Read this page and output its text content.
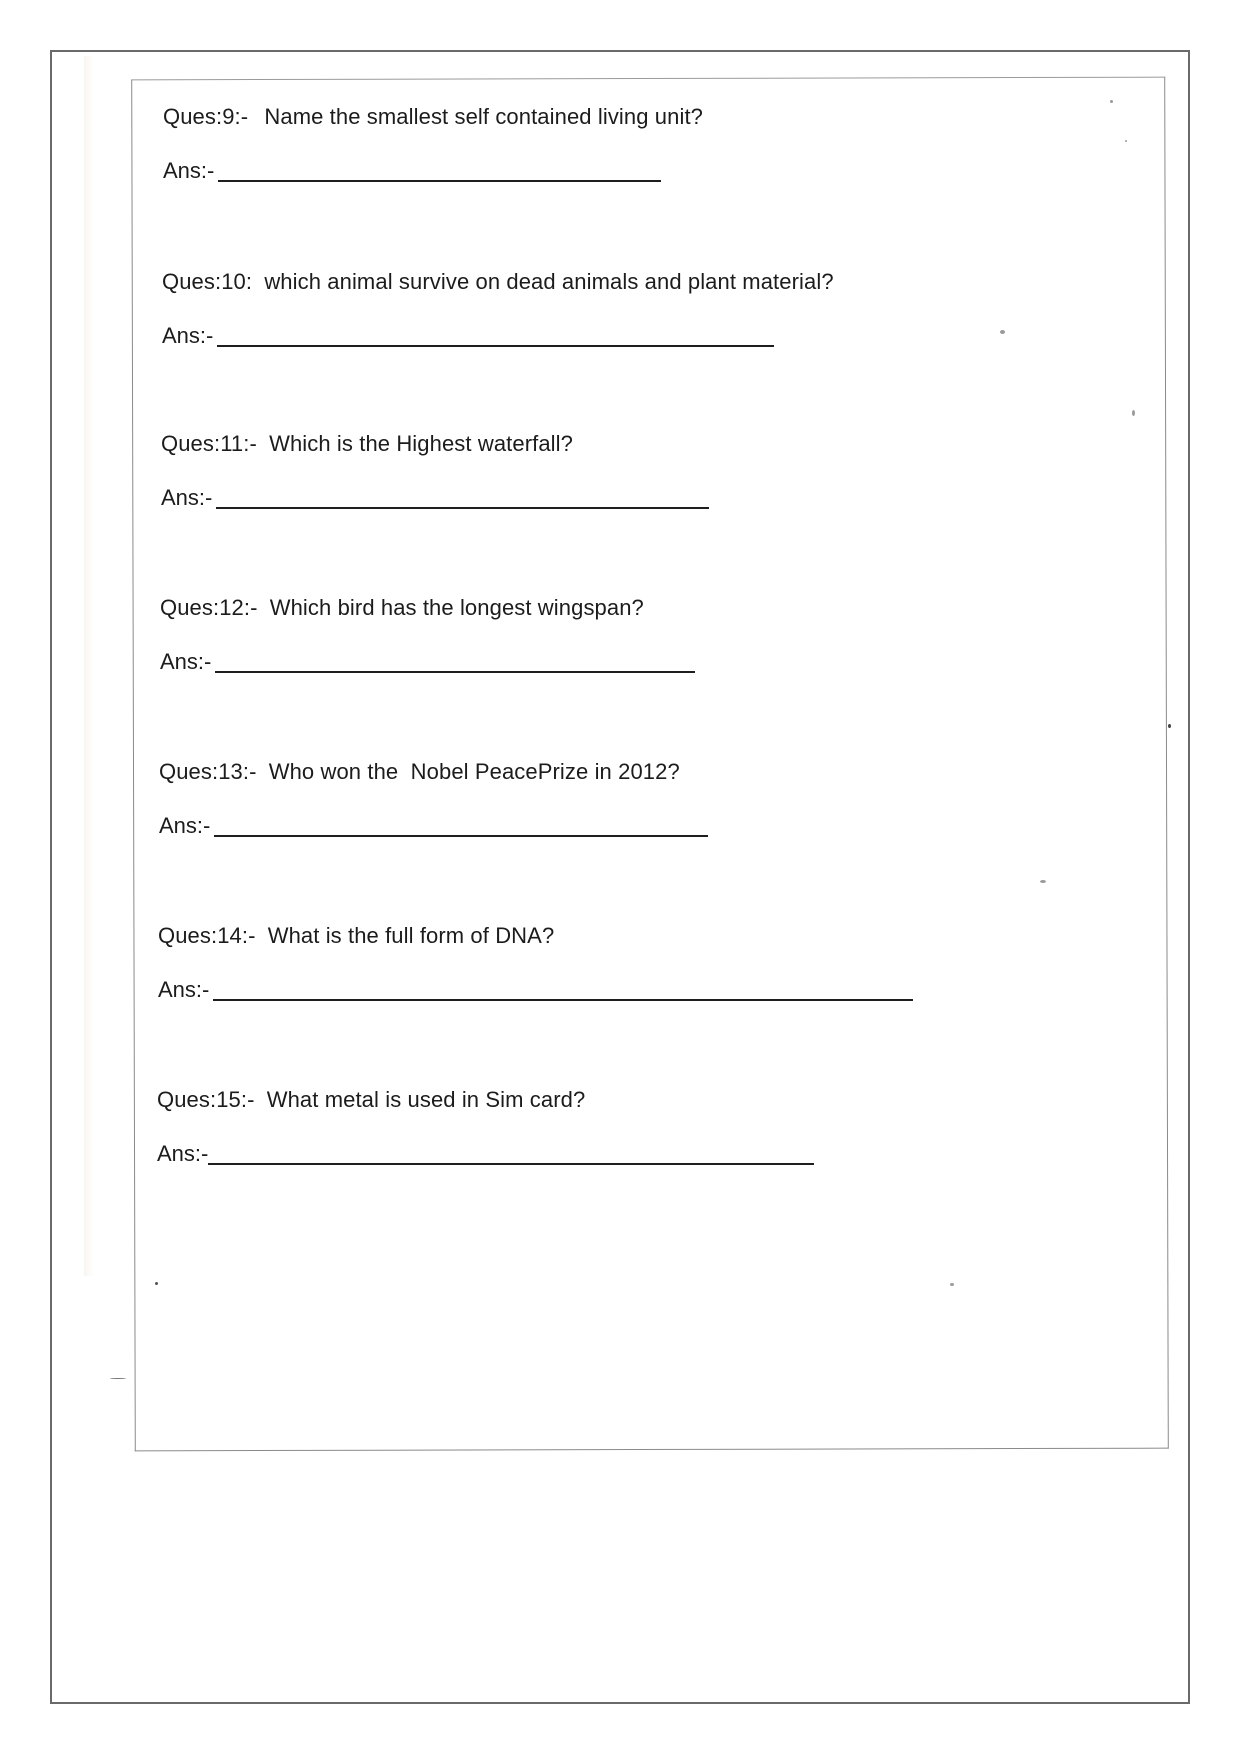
Ques:9:- Name the smallest self contained living unit?
Ans:-
Ques:10: which animal survive on dead animals and plant material?
Ans:-
Ques:11:- Which is the Highest waterfall?
Ans:-
Ques:12:- Which bird has the longest wingspan?
Ans:-
Ques:13:- Who won the  Nobel PeacePrize in 2012?
Ans:-
Ques:14:- What is the full form of DNA?
Ans:-
Ques:15:- What metal is used in Sim card?
Ans:-
